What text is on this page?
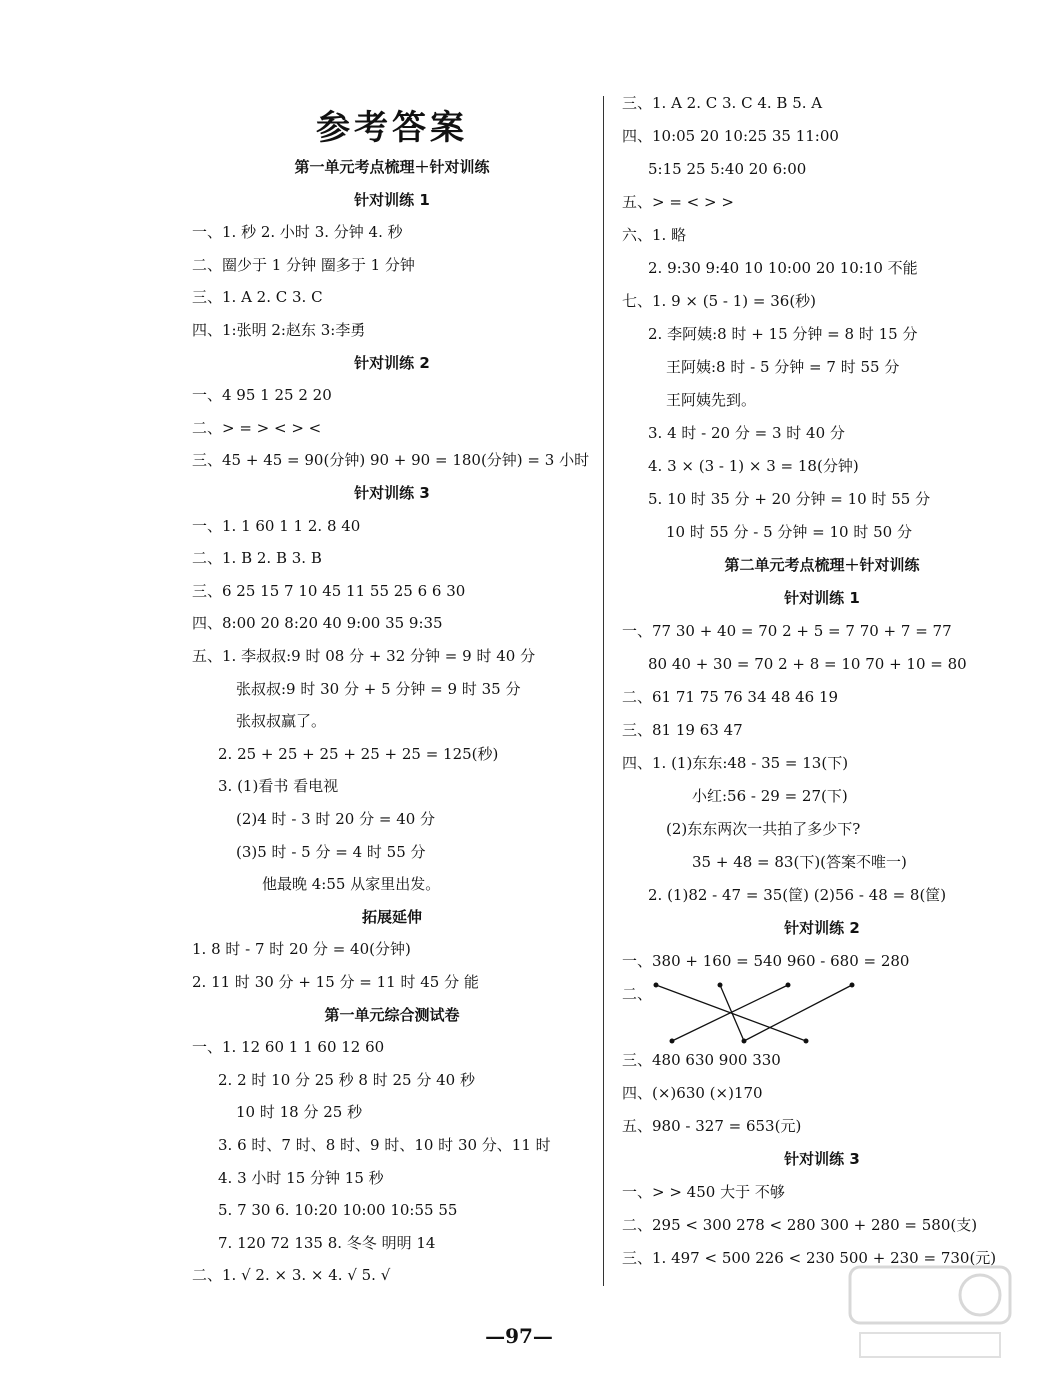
参考答案
第一单元考点梳理＋针对训练
针对训练 1
一、1. 秒 2. 小时 3. 分钟 4. 秒
二、圈少于 1 分钟 圈多于 1 分钟
三、1. A 2. C 3. C
四、1:张明 2:赵东 3:李勇
针对训练 2
一、4 95 1 25 2 20
二、> = > < > <
三、45 + 45 = 90(分钟) 90 + 90 = 180(分钟) = 3 小时
针对训练 3
一、1. 1 60 1 1 2. 8 40
二、1. B 2. B 3. B
三、6 25 15 7 10 45 11 55 25 6 6 30
四、8:00 20 8:20 40 9:00 35 9:35
五、1. 李叔叔:9 时 08 分 + 32 分钟 = 9 时 40 分
张叔叔:9 时 30 分 + 5 分钟 = 9 时 35 分
张叔叔赢了。
2. 25 + 25 + 25 + 25 + 25 = 125(秒)
3. (1)看书 看电视
(2)4 时 - 3 时 20 分 = 40 分
(3)5 时 - 5 分 = 4 时 55 分
他最晚 4:55 从家里出发。
拓展延伸
1. 8 时 - 7 时 20 分 = 40(分钟)
2. 11 时 30 分 + 15 分 = 11 时 45 分 能
第一单元综合测试卷
一、1. 12 60 1 1 60 12 60
2. 2 时 10 分 25 秒 8 时 25 分 40 秒
10 时 18 分 25 秒
3. 6 时、7 时、8 时、9 时、10 时 30 分、11 时
4. 3 小时 15 分钟 15 秒
5. 7 30 6. 10:20 10:00 10:55 55
7. 120 72 135 8. 冬冬 明明 14
二、1. √ 2. × 3. × 4. √ 5. √
三、1. A 2. C 3. C 4. B 5. A
四、10:05 20 10:25 35 11:00
5:15 25 5:40 20 6:00
五、> = < > >
六、1. 略
2. 9:30 9:40 10 10:00 20 10:10 不能
七、1. 9 × (5 - 1) = 36(秒)
2. 李阿姨:8 时 + 15 分钟 = 8 时 15 分
王阿姨:8 时 - 5 分钟 = 7 时 55 分
王阿姨先到。
3. 4 时 - 20 分 = 3 时 40 分
4. 3 × (3 - 1) × 3 = 18(分钟)
5. 10 时 35 分 + 20 分钟 = 10 时 55 分
10 时 55 分 - 5 分钟 = 10 时 50 分
第二单元考点梳理＋针对训练
针对训练 1
一、77 30 + 40 = 70 2 + 5 = 7 70 + 7 = 77
80 40 + 30 = 70 2 + 8 = 10 70 + 10 = 80
二、61 71 75 76 34 48 46 19
三、81 19 63 47
四、1. (1)东东:48 - 35 = 13(下)
小红:56 - 29 = 27(下)
(2)东东两次一共拍了多少下?
35 + 48 = 83(下)(答案不唯一)
2. (1)82 - 47 = 35(筐) (2)56 - 48 = 8(筐)
针对训练 2
一、380 + 160 = 540 960 - 680 = 280
二、
三、480 630 900 330
四、(×)630 (×)170
五、980 - 327 = 653(元)
针对训练 3
一、> > 450 大于 不够
二、295 < 300 278 < 280 300 + 280 = 580(支)
三、1. 497 < 500 226 < 230 500 + 230 = 730(元)
—97—
